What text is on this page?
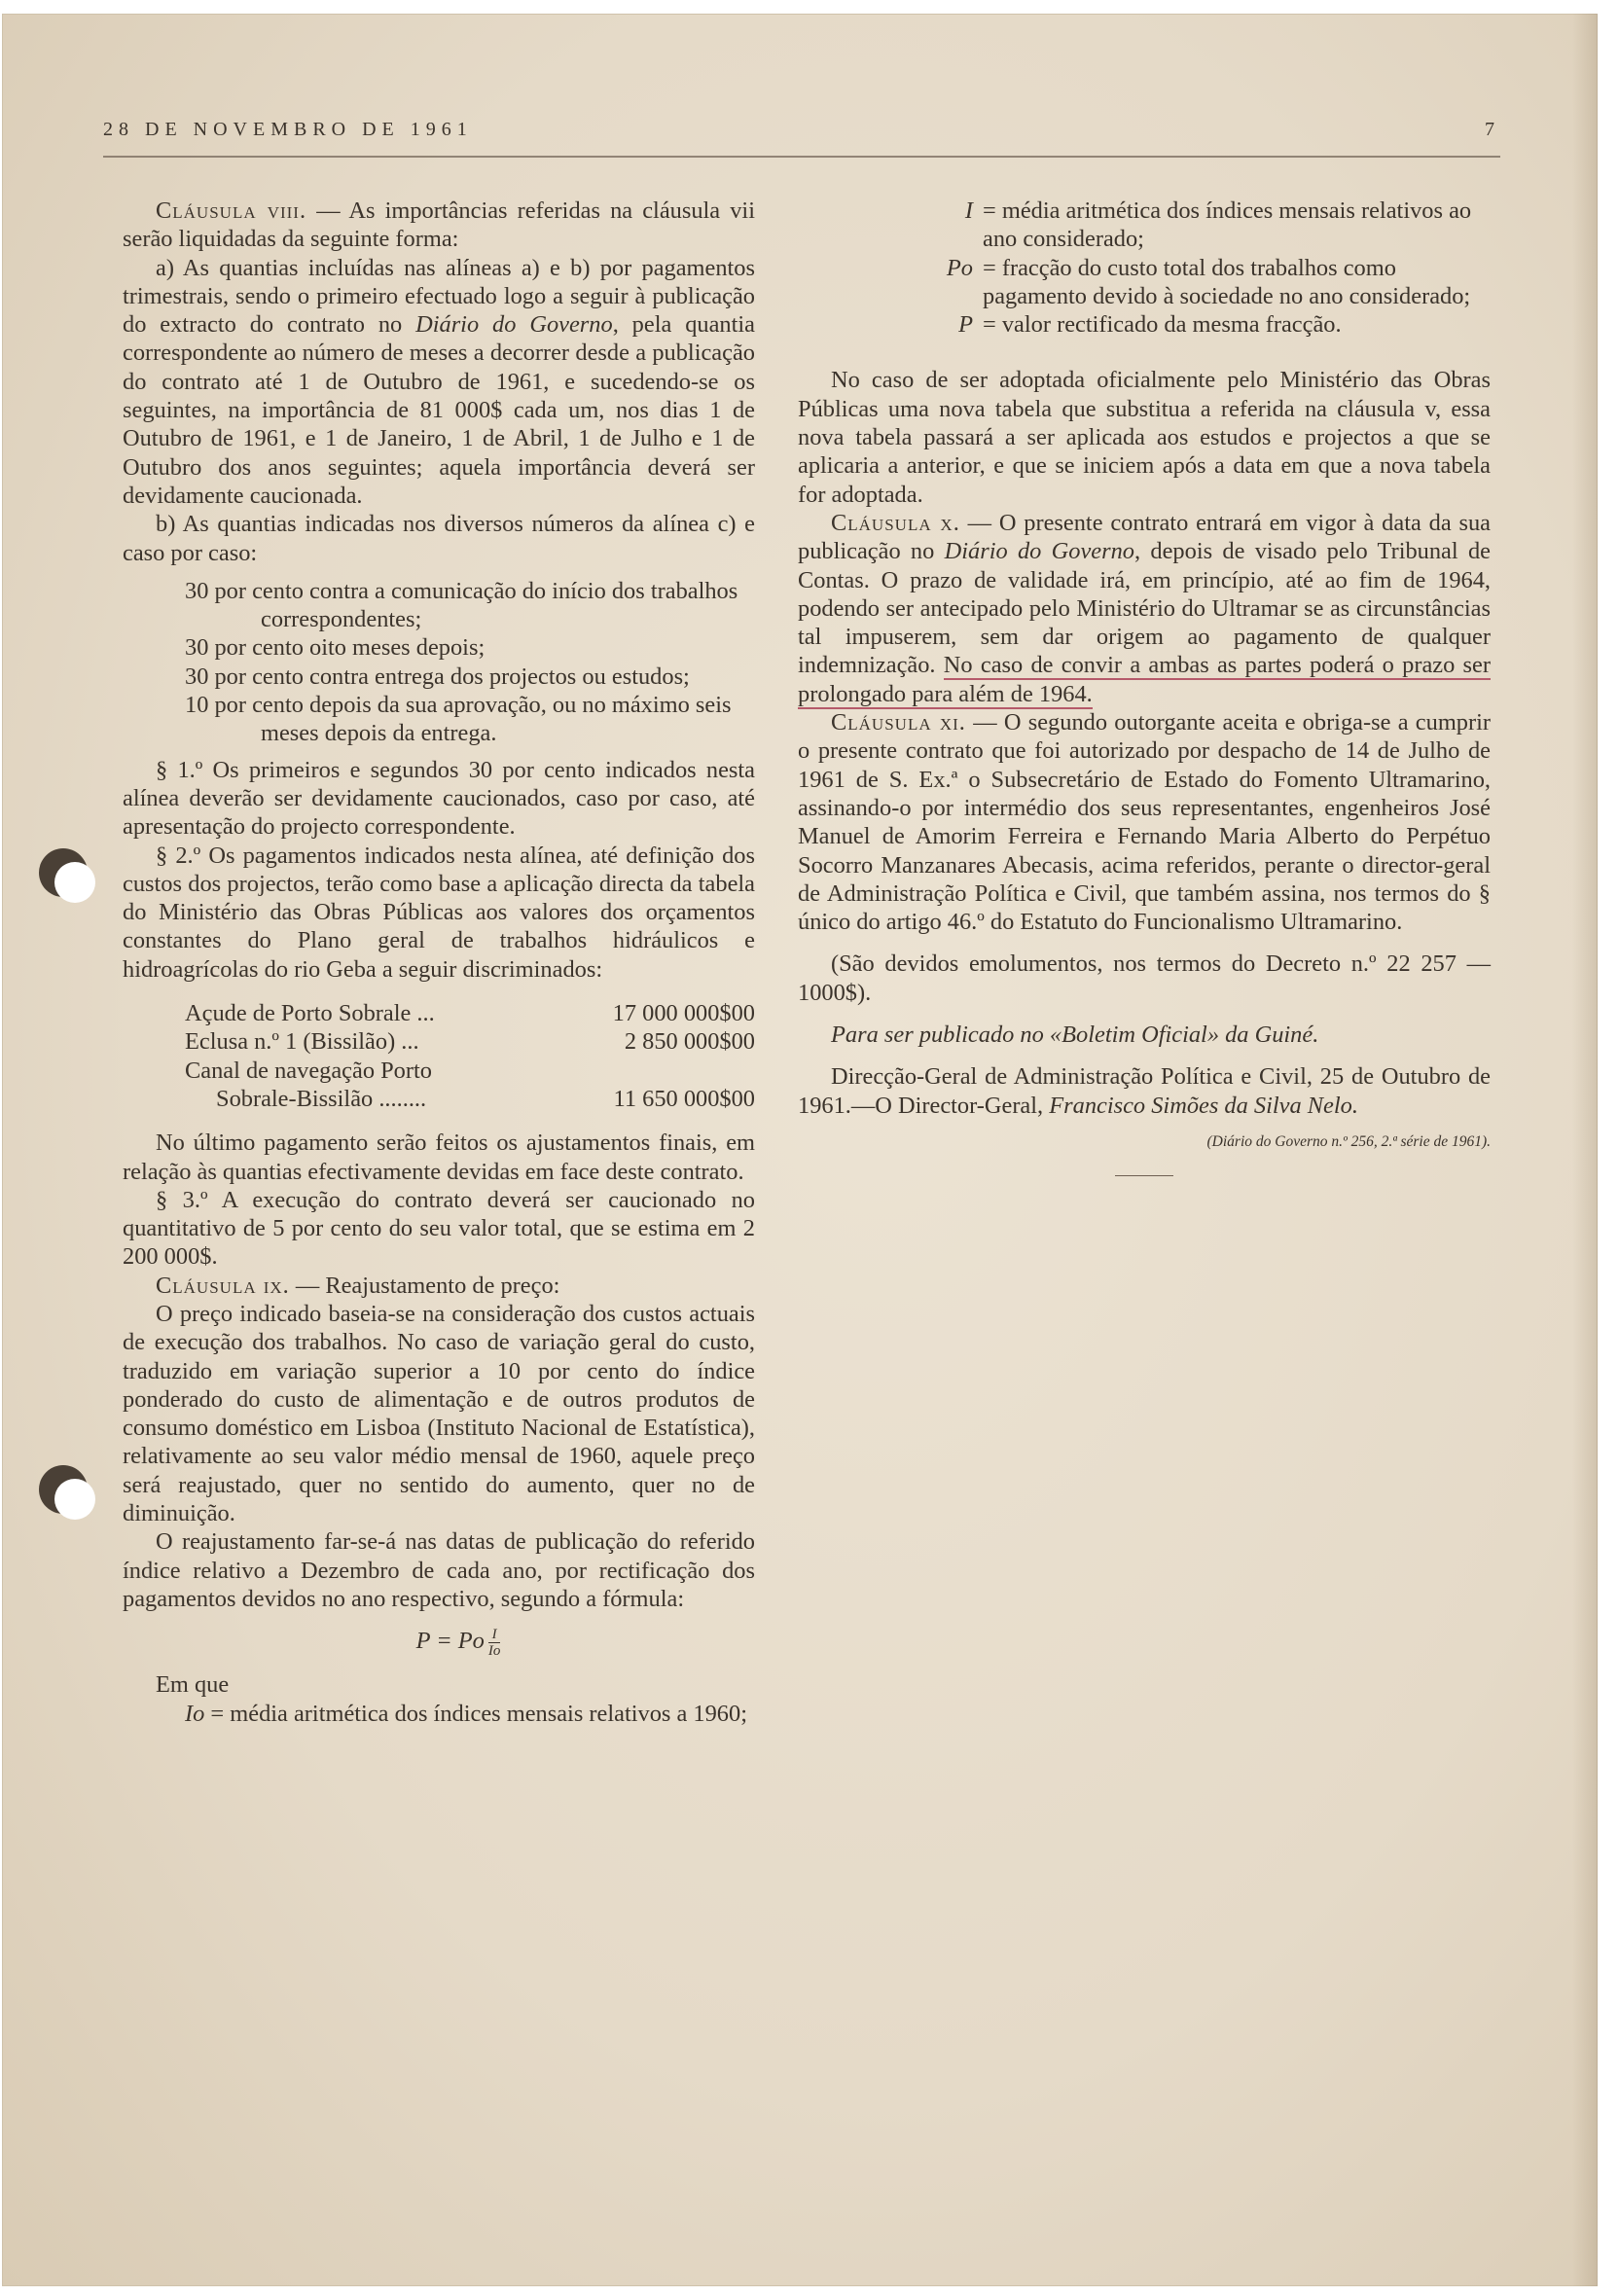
28 DE NOVEMBRO DE 1961	7

Cláusula viii. — As importâncias referidas na cláusula vii serão liquidadas da seguinte forma:

a) As quantias incluídas nas alíneas a) e b) por pagamentos trimestrais, sendo o primeiro efectuado logo a seguir à publicação do extracto do contrato no Diário do Governo, pela quantia correspondente ao número de meses a decorrer desde a publicação do contrato até 1 de Outubro de 1961, e sucedendo-se os seguintes, na importância de 81 000$ cada um, nos dias 1 de Outubro de 1961, e 1 de Janeiro, 1 de Abril, 1 de Julho e 1 de Outubro dos anos seguintes; aquela importância deverá ser devidamente caucionada.

b) As quantias indicadas nos diversos números da alínea c) e caso por caso:

30 por cento contra a comunicação do início dos trabalhos correspondentes;
30 por cento oito meses depois;
30 por cento contra entrega dos projectos ou estudos;
10 por cento depois da sua aprovação, ou no máximo seis meses depois da entrega.

§ 1.º Os primeiros e segundos 30 por cento indicados nesta alínea deverão ser devidamente caucionados, caso por caso, até apresentação do projecto correspondente.

§ 2.º Os pagamentos indicados nesta alínea, até definição dos custos dos projectos, terão como base a aplicação directa da tabela do Ministério das Obras Públicas aos valores dos orçamentos constantes do Plano geral de trabalhos hidráulicos e hidroagrícolas do rio Geba a seguir discriminados:

Açude de Porto Sobrale ...	17 000 000$00
Eclusa n.º 1 (Bissilão) ...	2 850 000$00
Canal de navegação Porto
Sobrale-Bissilão ........	11 650 000$00

No último pagamento serão feitos os ajustamentos finais, em relação às quantias efectivamente devidas em face deste contrato.

§ 3.º A execução do contrato deverá ser caucionado no quantitativo de 5 por cento do seu valor total, que se estima em 2 200 000$.

Cláusula ix. — Reajustamento de preço:

O preço indicado baseia-se na consideração dos custos actuais de execução dos trabalhos. No caso de variação geral do custo, traduzido em variação superior a 10 por cento do índice ponderado do custo de alimentação e de outros produtos de consumo doméstico em Lisboa (Instituto Nacional de Estatística), relativamente ao seu valor médio mensal de 1960, aquele preço será reajustado, quer no sentido do aumento, quer no de diminuição.

O reajustamento far-se-á nas datas de publicação do referido índice relativo a Dezembro de cada ano, por rectificação dos pagamentos devidos no ano respectivo, segundo a fórmula:

P = Po $\frac{I}{Io}$

Em que

Io = média aritmética dos índices mensais relativos a 1960;
I = média aritmética dos índices mensais relativos ao ano considerado;
Po = fracção do custo total dos trabalhos como pagamento devido à sociedade no ano considerado;
P = valor rectificado da mesma fracção.

No caso de ser adoptada oficialmente pelo Ministério das Obras Públicas uma nova tabela que substitua a referida na cláusula v, essa nova tabela passará a ser aplicada aos estudos e projectos a que se aplicaria a anterior, e que se iniciem após a data em que a nova tabela for adoptada.

Cláusula x. — O presente contrato entrará em vigor à data da sua publicação no Diário do Governo, depois de visado pelo Tribunal de Contas. O prazo de validade irá, em princípio, até ao fim de 1964, podendo ser antecipado pelo Ministério do Ultramar se as circunstâncias tal impuserem, sem dar origem ao pagamento de qualquer indemnização. No caso de convir a ambas as partes poderá o prazo ser prolongado para além de 1964.

Cláusula xi. — O segundo outorgante aceita e obriga-se a cumprir o presente contrato que foi autorizado por despacho de 14 de Julho de 1961 de S. Ex.ª o Subsecretário de Estado do Fomento Ultramarino, assinando-o por intermédio dos seus representantes, engenheiros José Manuel de Amorim Ferreira e Fernando Maria Alberto do Perpétuo Socorro Manzanares Abecasis, acima referidos, perante o director-geral de Administração Política e Civil, que também assina, nos termos do § único do artigo 46.º do Estatuto do Funcionalismo Ultramarino.

(São devidos emolumentos, nos termos do Decreto n.º 22 257 — 1000$).

Para ser publicado no «Boletim Oficial» da Guiné.

Direcção-Geral de Administração Política e Civil, 25 de Outubro de 1961.—O Director-Geral, Francisco Simões da Silva Nelo.

(Diário do Governo n.º 256, 2.ª série de 1961).
